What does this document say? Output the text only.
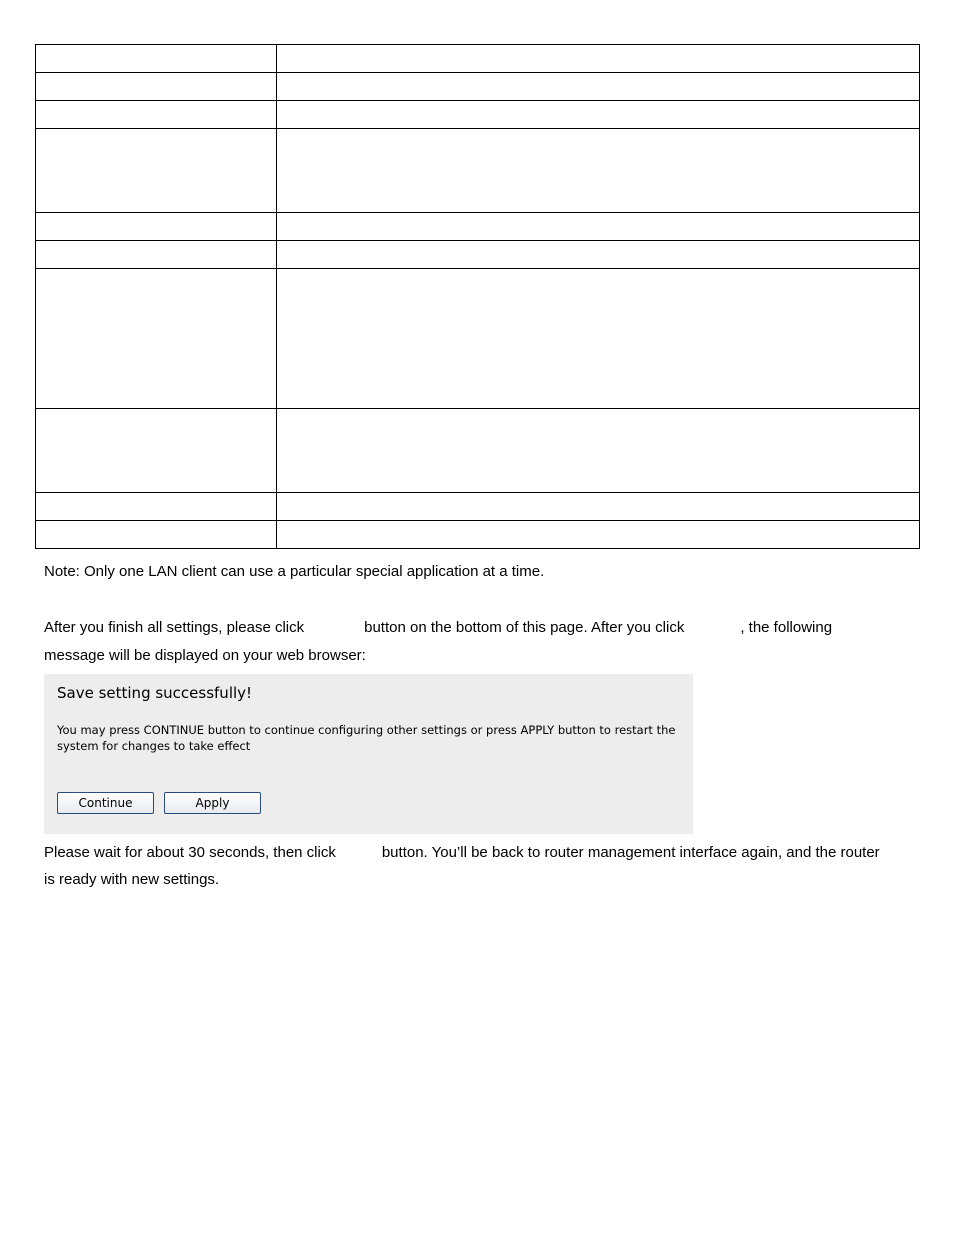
Note: Only one LAN client can use a particular special application at a time.

After you finish all settings, please click	button on the bottom of this page. After you click	, the following

message will be displayed on your web browser:

Save setting successfully!

You may press CONTINUE button to continue configuring other settings or press APPLY button to restart the system for changes to take effect

Continue	Apply

Please wait for about 30 seconds, then click	button. You’ll be back to router management interface again, and the router

is ready with new settings.
